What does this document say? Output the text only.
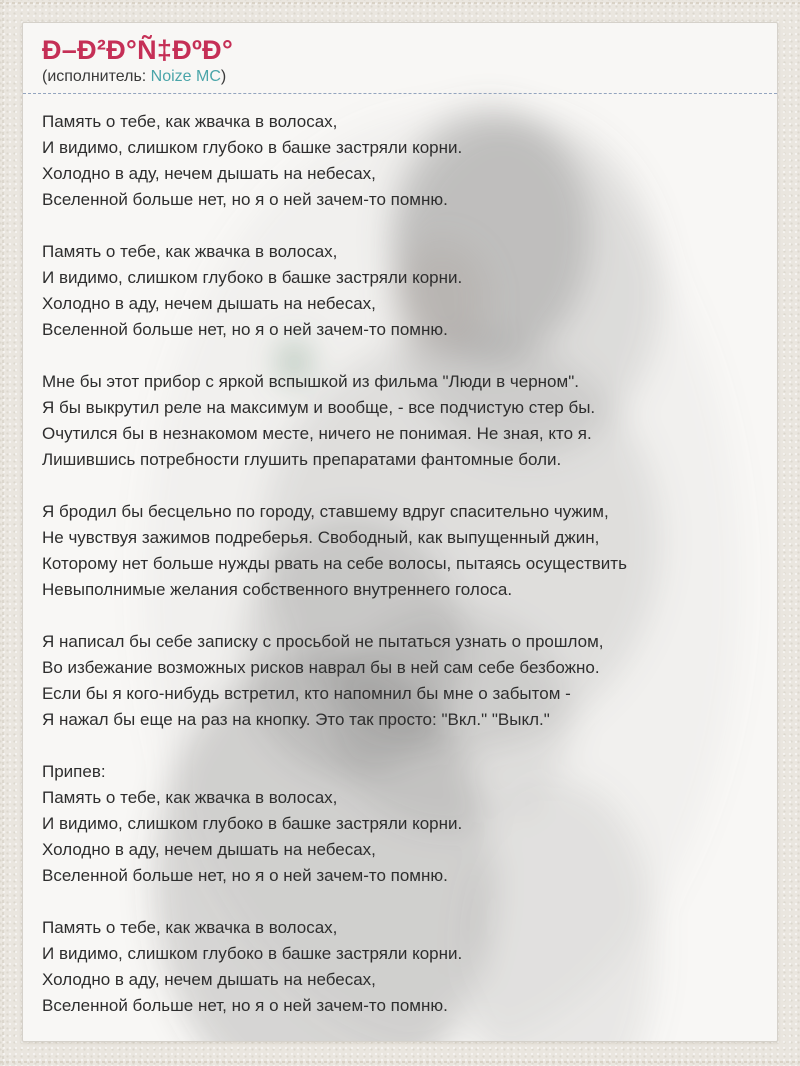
Ð–Ð²Ð°Ñ‡ÐºÐ°
(исполнитель: Noize MC)

Память о тебе, как жвачка в волосах,
И видимо, слишком глубоко в башке застряли корни.
Холодно в аду, нечем дышать на небесах,
Вселенной больше нет, но я о ней зачем-то помню.

Память о тебе, как жвачка в волосах,
И видимо, слишком глубоко в башке застряли корни.
Холодно в аду, нечем дышать на небесах,
Вселенной больше нет, но я о ней зачем-то помню.

Мне бы этот прибор с яркой вспышкой из фильма "Люди в черном".
Я бы выкрутил реле на максимум и вообще, - все подчистую стер бы.
Очутился бы в незнакомом месте, ничего не понимая. Не зная, кто я.
Лишившись потребности глушить препаратами фантомные боли.

Я бродил бы бесцельно по городу, ставшему вдруг спасительно чужим,
Не чувствуя зажимов подреберья. Свободный, как выпущенный джин,
Которому нет больше нужды рвать на себе волосы, пытаясь осуществить
Невыполнимые желания собственного внутреннего голоса.

Я написал бы себе записку с просьбой не пытаться узнать о прошлом,
Во избежание возможных рисков наврал бы в ней сам себе безбожно.
Если бы я кого-нибудь встретил, кто напомнил бы мне о забытом -
Я нажал бы еще на раз на кнопку. Это так просто: "Вкл." "Выкл."

Припев:
Память о тебе, как жвачка в волосах,
И видимо, слишком глубоко в башке застряли корни.
Холодно в аду, нечем дышать на небесах,
Вселенной больше нет, но я о ней зачем-то помню.

Память о тебе, как жвачка в волосах,
И видимо, слишком глубоко в башке застряли корни.
Холодно в аду, нечем дышать на небесах,
Вселенной больше нет, но я о ней зачем-то помню.
